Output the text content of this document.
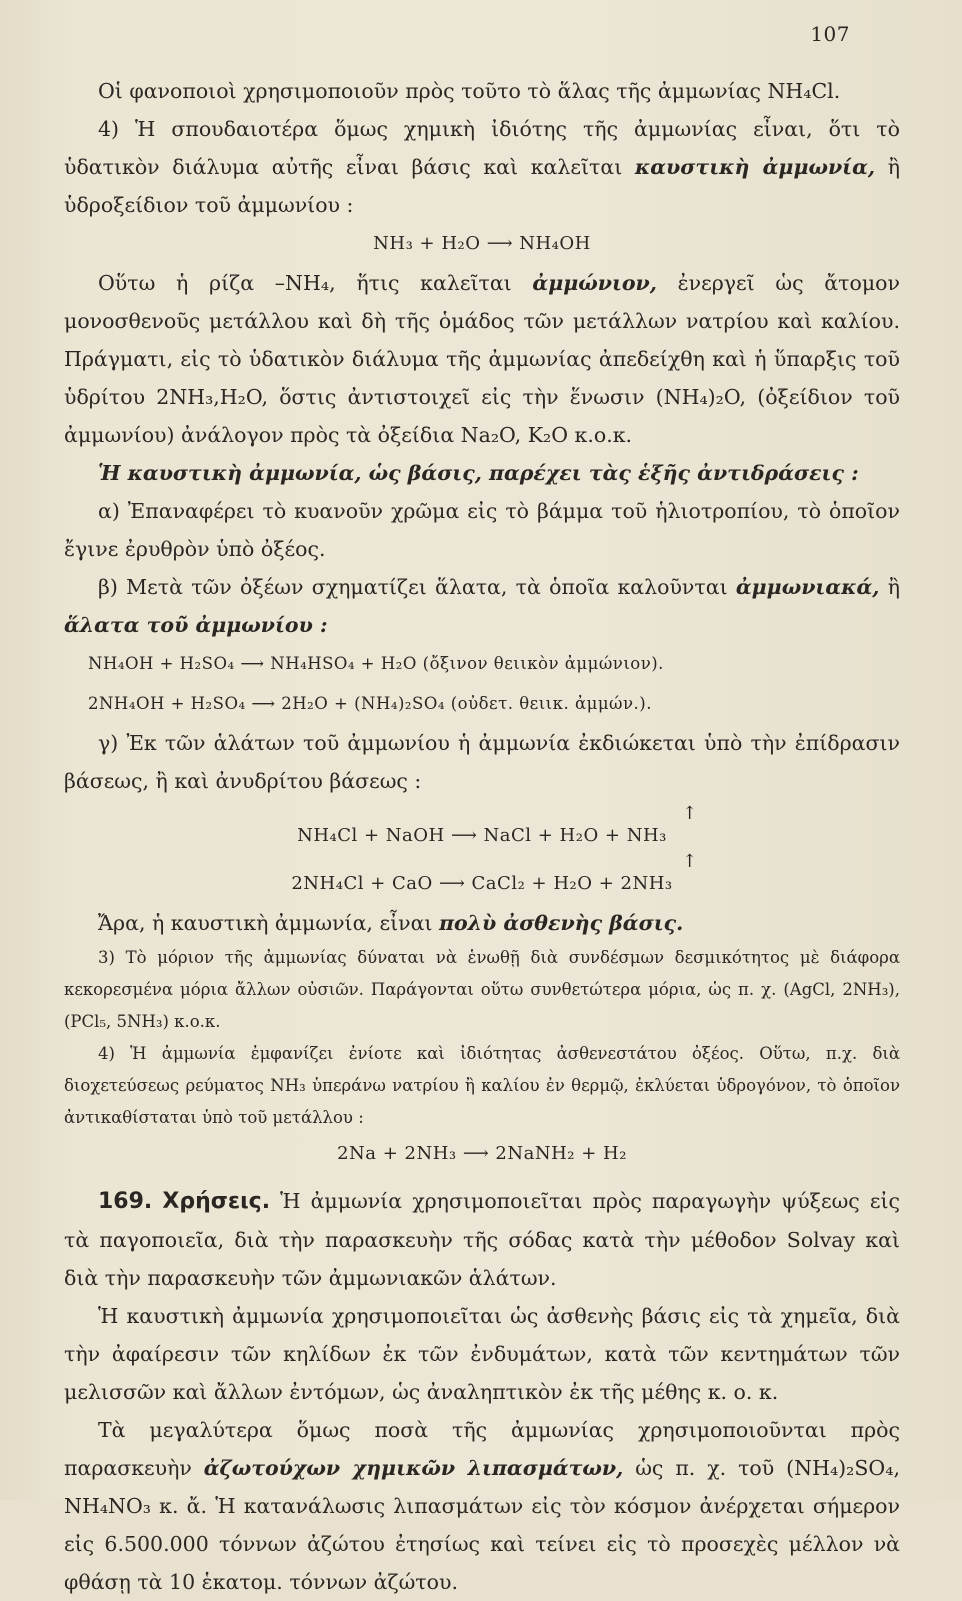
107

Οἱ φανοποιοὶ χρησιμοποιοῦν πρὸς τοῦτο τὸ ἅλας τῆς ἀμμωνίας NH₄Cl.

4) Ἡ σπουδαιοτέρα ὅμως χημικὴ ἰδιότης τῆς ἀμμωνίας εἶναι, ὅτι τὸ ὑδατικὸν διάλυμα αὐτῆς εἶναι βάσις καὶ καλεῖται καυστικὴ ἀμμωνία, ἢ ὑδροξείδιον τοῦ ἀμμωνίου :

NH₃ + H₂O ⟶ NH₄OH

Οὕτω ἡ ρίζα –NH₄, ἥτις καλεῖται ἀμμώνιον, ἐνεργεῖ ὡς ἄτομον μονοσθενοῦς μετάλλου καὶ δὴ τῆς ὁμάδος τῶν μετάλλων νατρίου καὶ καλίου. Πράγματι, εἰς τὸ ὑδατικὸν διάλυμα τῆς ἀμμωνίας ἀπεδείχθη καὶ ἡ ὕπαρξις τοῦ ὑδρίτου 2NH₃,H₂O, ὅστις ἀντιστοιχεῖ εἰς τὴν ἕνωσιν (NH₄)₂O, (ὀξείδιον τοῦ ἀμμωνίου) ἀνάλογον πρὸς τὰ ὀξείδια Na₂O, K₂O κ.ο.κ.

Ἡ καυστικὴ ἀμμωνία, ὡς βάσις, παρέχει τὰς ἑξῆς ἀντιδράσεις :

α) Ἐπαναφέρει τὸ κυανοῦν χρῶμα εἰς τὸ βάμμα τοῦ ἡλιοτροπίου, τὸ ὁποῖον ἔγινε ἐρυθρὸν ὑπὸ ὀξέος.

β) Μετὰ τῶν ὀξέων σχηματίζει ἅλατα, τὰ ὁποῖα καλοῦνται ἀμμωνιακά, ἢ ἅλατα τοῦ ἀμμωνίου :

NH₄OH + H₂SO₄ ⟶ NH₄HSO₄ + H₂O (ὄξινον θειικὸν ἀμμώνιον).
2NH₄OH + H₂SO₄ ⟶ 2H₂O + (NH₄)₂SO₄ (οὐδετ. θειικ. ἀμμών.).

γ) Ἐκ τῶν ἁλάτων τοῦ ἀμμωνίου ἡ ἀμμωνία ἐκδιώκεται ὑπὸ τὴν ἐπίδρασιν βάσεως, ἢ καὶ ἀνυδρίτου βάσεως :

↑
NH₄Cl + NaOH ⟶ NaCl + H₂O + NH₃
↑
2NH₄Cl + CaO ⟶ CaCl₂ + H₂O + 2NH₃

Ἄρα, ἡ καυστικὴ ἀμμωνία, εἶναι πολὺ ἀσθενὴς βάσις.

3) Τὸ μόριον τῆς ἀμμωνίας δύναται νὰ ἑνωθῇ διὰ συνδέσμων δεσμικότητος μὲ διάφορα κεκορεσμένα μόρια ἄλλων οὐσιῶν. Παράγονται οὕτω συνθετώτερα μόρια, ὡς π. χ. (AgCl, 2NH₃), (PCl₅, 5NH₃) κ.ο.κ.

4) Ἡ ἀμμωνία ἐμφανίζει ἐνίοτε καὶ ἰδιότητας ἀσθενεστάτου ὀξέος. Οὕτω, π.χ. διὰ διοχετεύσεως ρεύματος NH₃ ὑπεράνω νατρίου ἢ καλίου ἐν θερμῷ, ἐκλύεται ὑδρογόνον, τὸ ὁποῖον ἀντικαθίσταται ὑπὸ τοῦ μετάλλου :

2Na + 2NH₃ ⟶ 2NaNH₂ + H₂

169. Χρήσεις. Ἡ ἀμμωνία χρησιμοποιεῖται πρὸς παραγωγὴν ψύξεως εἰς τὰ παγοποιεῖα, διὰ τὴν παρασκευὴν τῆς σόδας κατὰ τὴν μέθοδον Solvay καὶ διὰ τὴν παρασκευὴν τῶν ἀμμωνιακῶν ἁλάτων.

Ἡ καυστικὴ ἀμμωνία χρησιμοποιεῖται ὡς ἀσθενὴς βάσις εἰς τὰ χημεῖα, διὰ τὴν ἀφαίρεσιν τῶν κηλίδων ἐκ τῶν ἐνδυμάτων, κατὰ τῶν κεντημάτων τῶν μελισσῶν καὶ ἄλλων ἐντόμων, ὡς ἀναληπτικὸν ἐκ τῆς μέθης κ. ο. κ.

Τὰ μεγαλύτερα ὅμως ποσὰ τῆς ἀμμωνίας χρησιμοποιοῦνται πρὸς παρασκευὴν ἀζωτούχων χημικῶν λιπασμάτων, ὡς π. χ. τοῦ (NH₄)₂SO₄, NH₄NO₃ κ. ἄ. Ἡ κατανάλωσις λιπασμάτων εἰς τὸν κόσμον ἀνέρχεται σήμερον εἰς 6.500.000 τόννων ἀζώτου ἐτησίως καὶ τείνει εἰς τὸ προσεχὲς μέλλον νὰ φθάσῃ τὰ 10 ἑκατομ. τόννων ἀζώτου.
